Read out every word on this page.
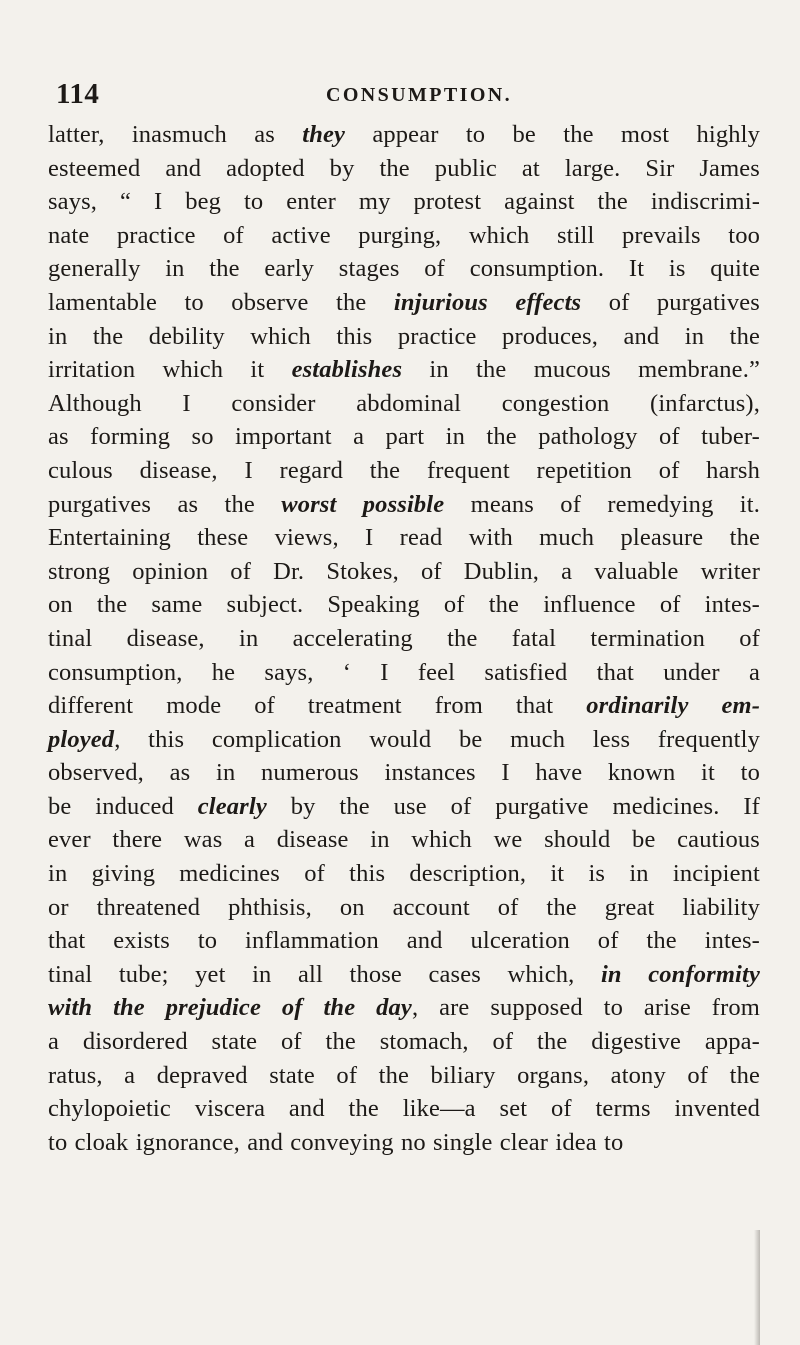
114	CONSUMPTION.
latter, inasmuch as they appear to be the most highly
esteemed and adopted by the public at large. Sir James
says, “ I beg to enter my protest against the indiscrimi-
nate practice of active purging, which still prevails too
generally in the early stages of consumption. It is quite
lamentable to observe the injurious effects of purgatives
in the debility which this practice produces, and in the
irritation which it establishes in the mucous membrane.”
Although I consider abdominal congestion (infarctus),
as forming so important a part in the pathology of tuber-
culous disease, I regard the frequent repetition of harsh
purgatives as the worst possible means of remedying it.
Entertaining these views, I read with much pleasure the
strong opinion of Dr. Stokes, of Dublin, a valuable writer
on the same subject. Speaking of the influence of intes-
tinal disease, in accelerating the fatal termination of
consumption, he says, ‘ I feel satisfied that under a
different mode of treatment from that ordinarily em-
ployed, this complication would be much less frequently
observed, as in numerous instances I have known it to
be induced clearly by the use of purgative medicines. If
ever there was a disease in which we should be cautious
in giving medicines of this description, it is in incipient
or threatened phthisis, on account of the great liability
that exists to inflammation and ulceration of the intes-
tinal tube; yet in all those cases which, in conformity
with the prejudice of the day, are supposed to arise from
a disordered state of the stomach, of the digestive appa-
ratus, a depraved state of the biliary organs, atony of the
chylopoietic viscera and the like—a set of terms invented
to cloak ignorance, and conveying no single clear idea to
